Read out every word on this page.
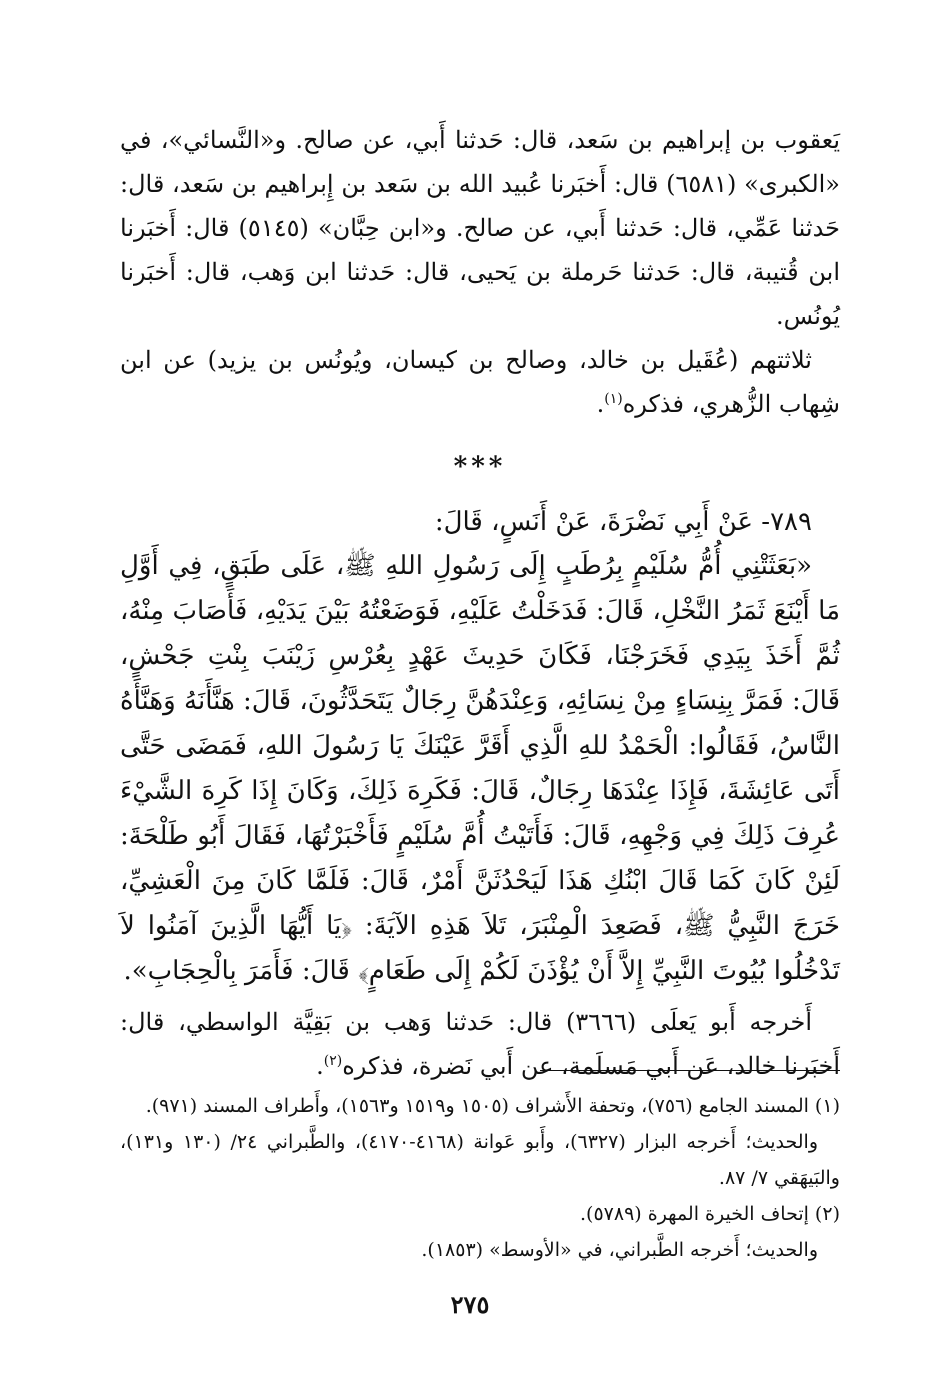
يَعقوب بن إبراهيم بن سَعد، قال: حَدثنا أَبي، عن صالح. و«النَّسائي»، في «الكبرى» (٦٥٨١) قال: أَخبَرنا عُبيد الله بن سَعد بن إِبراهيم بن سَعد، قال: حَدثنا عَمِّي، قال: حَدثنا أَبي، عن صالح. و«ابن حِبَّان» (٥١٤٥) قال: أَخبَرنا ابن قُتيبة، قال: حَدثنا حَرملة بن يَحيى، قال: حَدثنا ابن وَهب، قال: أَخبَرنا يُونُس.

ثلاثتهم (عُقَيل بن خالد، وصالح بن كيسان، ويُونُس بن يزيد) عن ابن شِهاب الزُّهري، فذكره$^{(١)}$.

***

٧٨٩- عَنْ أَبِي نَضْرَةَ، عَنْ أَنَسٍ، قَالَ:

«بَعَثَتْنِي أُمُّ سُلَيْمٍ بِرُطَبٍ إِلَى رَسُولِ اللهِ ﷺ، عَلَى طَبَقٍ، فِي أَوَّلِ مَا أَيْنَعَ ثَمَرُ النَّخْلِ، قَالَ: فَدَخَلْتُ عَلَيْهِ، فَوَضَعْتُهُ بَيْنَ يَدَيْهِ، فَأَصَابَ مِنْهُ، ثُمَّ أَخَذَ بِيَدِي فَخَرَجْنَا، فَكَانَ حَدِيثَ عَهْدٍ بِعُرْسِ زَيْنَبَ بِنْتِ جَحْشٍ، قَالَ: فَمَرَّ بِنِسَاءٍ مِنْ نِسَائِهِ، وَعِنْدَهُنَّ رِجَالٌ يَتَحَدَّثُونَ، قَالَ: هَنَّأَنَهُ وَهَنَّأَهُ النَّاسُ، فَقَالُوا: الْحَمْدُ للهِ الَّذِي أَقَرَّ عَيْنَكَ يَا رَسُولَ اللهِ، فَمَضَى حَتَّى أَتَى عَائِشَةَ، فَإِذَا عِنْدَهَا رِجَالٌ، قَالَ: فَكَرِهَ ذَلِكَ، وَكَانَ إِذَا كَرِهَ الشَّيْءَ عُرِفَ ذَلِكَ فِي وَجْهِهِ، قَالَ: فَأَتَيْتُ أُمَّ سُلَيْمٍ فَأَخْبَرْتُهَا، فَقَالَ أَبُو طَلْحَةَ: لَئِنْ كَانَ كَمَا قَالَ ابْنُكِ هَذَا لَيَحْدُثَنَّ أَمْرٌ، قَالَ: فَلَمَّا كَانَ مِنَ الْعَشِيِّ، خَرَجَ النَّبِيُّ ﷺ، فَصَعِدَ الْمِنْبَرَ، تَلاَ هَذِهِ الآيَةَ: ﴿يَا أَيُّهَا الَّذِينَ آمَنُوا لاَ تَدْخُلُوا بُيُوتَ النَّبِيِّ إِلاَّ أَنْ يُؤْذَنَ لَكُمْ إِلَى طَعَامٍ﴾ قَالَ: فَأَمَرَ بِالْحِجَابِ».

أَخرجه أَبو يَعلَى (٣٦٦٦) قال: حَدثنا وَهب بن بَقِيَّة الواسطي، قال: أَخبَرنا خالد، عَن أَبي مَسلَمة، عن أَبي نَضرة، فذكره$^{(٢)}$.

(١) المسند الجامع (٧٥٦)، وتحفة الأَشراف (١٥٠٥ و١٥١٩ و١٥٦٣)، وأَطراف المسند (٩٧١).

والحديث؛ أَخرجه البزار (٦٣٢٧)، وأَبو عَوانة (٤١٦٨-٤١٧٠)، والطَّبراني ٢٤/ (١٣٠ و١٣١)، والبَيهَقي ٧/ ٨٧.

(٢) إتحاف الخيرة المهرة (٥٧٨٩).

والحديث؛ أَخرجه الطَّبراني، في «الأوسط» (١٨٥٣).

٢٧٥
